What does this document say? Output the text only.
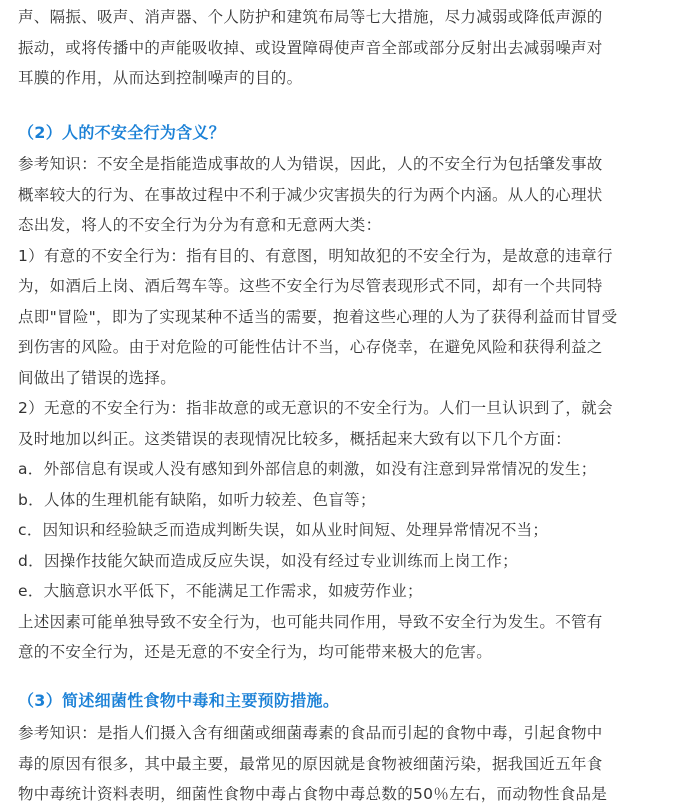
声、隔振、吸声、消声器、个人防护和建筑布局等七大措施，尽力减弱或降低声源的
振动，或将传播中的声能吸收掉、或设置障碍使声音全部或部分反射出去减弱噪声对
耳膜的作用，从而达到控制噪声的目的。
（2）人的不安全行为含义？
参考知识：不安全是指能造成事故的人为错误，因此，人的不安全行为包括肇发事故
概率较大的行为、在事故过程中不利于减少灾害损失的行为两个内涵。从人的心理状
态出发，将人的不安全行为分为有意和无意两大类：
1）有意的不安全行为：指有目的、有意图，明知故犯的不安全行为，是故意的违章行
为，如酒后上岗、酒后驾车等。这些不安全行为尽管表现形式不同，却有一个共同特
点即"冒险"，即为了实现某种不适当的需要，抱着这些心理的人为了获得利益而甘冒受
到伤害的风险。由于对危险的可能性估计不当，心存侥幸，在避免风险和获得利益之
间做出了错误的选择。
2）无意的不安全行为：指非故意的或无意识的不安全行为。人们一旦认识到了，就会
及时地加以纠正。这类错误的表现情况比较多，概括起来大致有以下几个方面：
a．外部信息有误或人没有感知到外部信息的刺激，如没有注意到异常情况的发生；
b．人体的生理机能有缺陷，如听力较差、色盲等；
c．因知识和经验缺乏而造成判断失误，如从业时间短、处理异常情况不当；
d．因操作技能欠缺而造成反应失误，如没有经过专业训练而上岗工作；
e．大脑意识水平低下，不能满足工作需求，如疲劳作业；
上述因素可能单独导致不安全行为，也可能共同作用，导致不安全行为发生。不管有
意的不安全行为，还是无意的不安全行为，均可能带来极大的危害。
（3）简述细菌性食物中毒和主要预防措施。
参考知识：是指人们摄入含有细菌或细菌毒素的食品而引起的食物中毒，引起食物中
毒的原因有很多，其中最主要，最常见的原因就是食物被细菌污染，据我国近五年食
物中毒统计资料表明，细菌性食物中毒占食物中毒总数的50％左右，而动物性食品是
